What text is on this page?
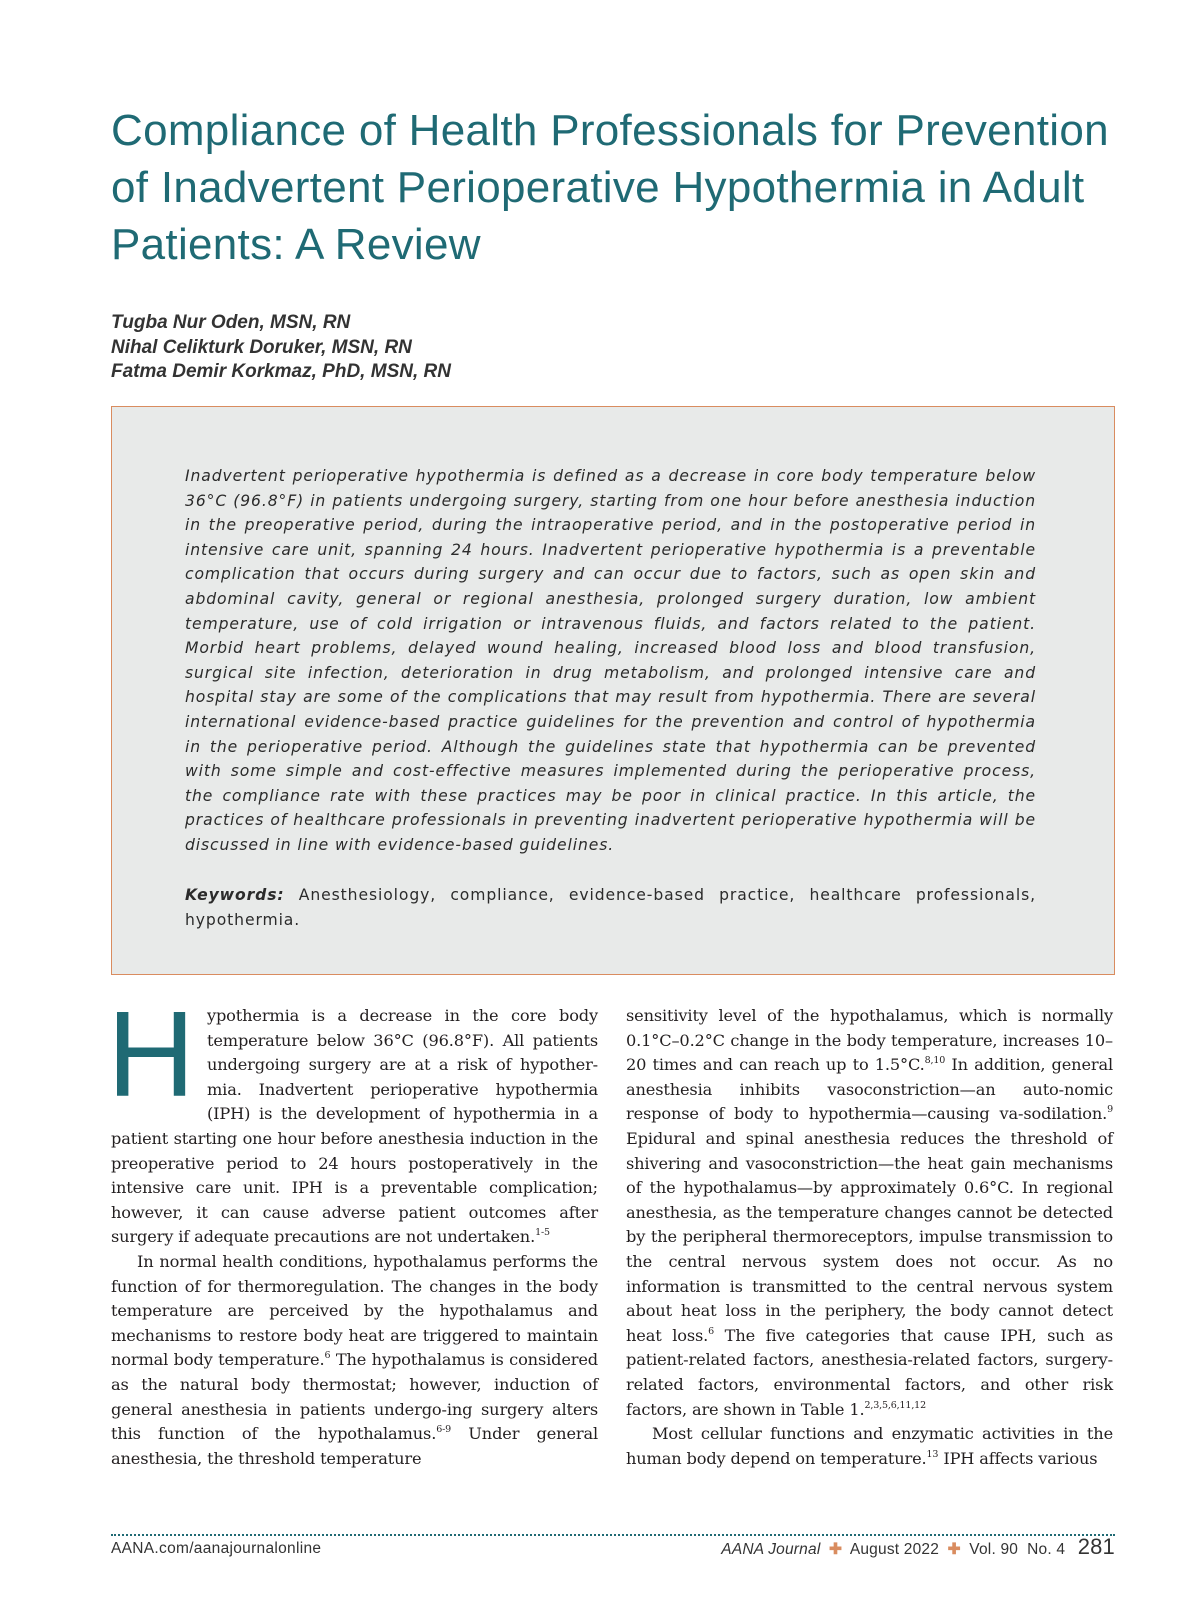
Compliance of Health Professionals for Prevention of Inadvertent Perioperative Hypothermia in Adult Patients: A Review
Tugba Nur Oden, MSN, RN
Nihal Celikturk Doruker, MSN, RN
Fatma Demir Korkmaz, PhD, MSN, RN

Inadvertent perioperative hypothermia is defined as a decrease in core body temperature below 36°C (96.8°F) in patients undergoing surgery, starting from one hour before anesthesia induction in the preoperative period, during the intraoperative period, and in the postoperative period in intensive care unit, spanning 24 hours. Inadvertent perioperative hypothermia is a preventable complication that occurs during surgery and can occur due to factors, such as open skin and abdominal cavity, general or regional anesthesia, prolonged surgery duration, low ambient temperature, use of cold irrigation or intravenous fluids, and factors related to the patient. Morbid heart problems, delayed wound healing, increased blood loss and blood transfusion, surgical site infection, deterioration in drug metabolism, and prolonged intensive care and hospital stay are some of the complications that may result from hypothermia. There are several international evidence-based practice guidelines for the prevention and control of hypothermia in the perioperative period. Although the guidelines state that hypothermia can be prevented with some simple and cost-effective measures implemented during the perioperative process, the compliance rate with these practices may be poor in clinical practice. In this article, the practices of healthcare professionals in preventing inadvertent perioperative hypothermia will be discussed in line with evidence-based guidelines.

Keywords: Anesthesiology, compliance, evidence-based practice, healthcare professionals, hypothermia.

Hypothermia is a decrease in the core body temperature below 36°C (96.8°F). All patients undergoing surgery are at a risk of hypother-mia. Inadvertent perioperative hypothermia (IPH) is the development of hypothermia in a patient starting one hour before anesthesia induction in the preoperative period to 24 hours postoperatively in the intensive care unit. IPH is a preventable complication; however, it can cause adverse patient outcomes after surgery if adequate precautions are not undertaken.$^{1-5}$

In normal health conditions, hypothalamus performs the function of for thermoregulation. The changes in the body temperature are perceived by the hypothalamus and mechanisms to restore body heat are triggered to maintain normal body temperature.$^6$ The hypothalamus is considered as the natural body thermostat; however, induction of general anesthesia in patients undergo-ing surgery alters this function of the hypothalamus.$^{6-9}$ Under general anesthesia, the threshold temperature

sensitivity level of the hypothalamus, which is normally 0.1°C–0.2°C change in the body temperature, increases 10–20 times and can reach up to 1.5°C.$^{8,10}$ In addition, general anesthesia inhibits vasoconstriction—an auto-nomic response of body to hypothermia—causing va-sodilation.$^9$ Epidural and spinal anesthesia reduces the threshold of shivering and vasoconstriction—the heat gain mechanisms of the hypothalamus—by approximately 0.6°C. In regional anesthesia, as the temperature changes cannot be detected by the peripheral thermoreceptors, impulse transmission to the central nervous system does not occur. As no information is transmitted to the central nervous system about heat loss in the periphery, the body cannot detect heat loss.$^6$ The five categories that cause IPH, such as patient-related factors, anesthesia-related factors, surgery-related factors, environmental factors, and other risk factors, are shown in Table 1.$^{2,3,5,6,11,12}$

Most cellular functions and enzymatic activities in the human body depend on temperature.$^{13}$ IPH affects various

AANA.com/aanajournalonline	AANA Journal ✚ August 2022 ✚ Vol. 90  No. 4 281
